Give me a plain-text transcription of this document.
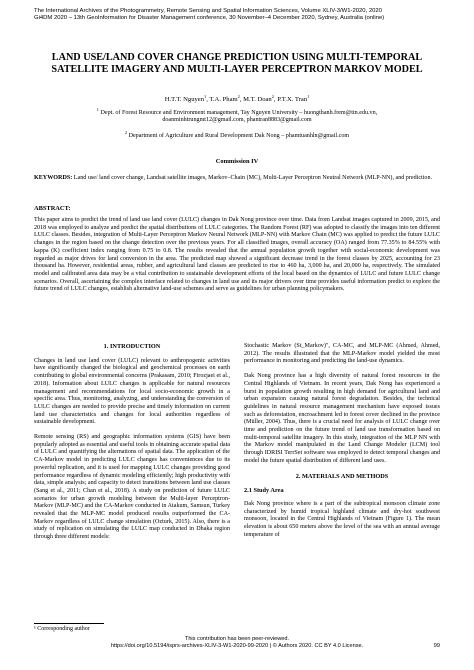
The International Archives of the Photogrammetry, Remote Sensing and Spatial Information Sciences, Volume XLIV-3/W1-2020, 2020
Gi4DM 2020 – 13th GeoInformation for Disaster Management conference, 30 November–4 December 2020, Sydney, Australia (online)
LAND USE/LAND COVER CHANGE PREDICTION USING MULTI-TEMPORAL SATELLITE IMAGERY AND MULTI-LAYER PERCEPTRON MARKOV MODEL
H.T.T. Nguyen$^1$, T.A. Pham$^2$, M.T. Doan$^2$, P.T.X. Tran$^1$
$^1$ Dept. of Forest Resource and Environment management, Tay Nguyen University – huongthanh.frem@ttn.edu.vn,
doanminhtrungmt12@gmail.com, phantran8883@gmail.com
$^2$ Department of Agriculture and Rural Development Dak Nong – phamtuanhln@gmail.com
Commission IV
KEYWORDS: Land use/ land cover change, Landsat satellite images, Markov–Chain (MC), Multi-Layer Perceptron Neutral Network (MLP-NN), and prediction.
ABSTRACT:
This paper aims to predict the trend of land use land cover (LULC) changes in Dak Nong province over time. Data from Landsat images captured in 2009, 2015, and 2018 was employed to analyze and predict the spatial distributions of LULC categories. The Random Forest (RF) was adopted to classify the images into ten different LULC classes. Besides, integration of Multi-Layer Perceptron Markov Neural Network (MLP-NN) with Markov Chain (MC) was applied to predict the future LULC changes in the region based on the change detection over the previous years. For all classified images, overall accuracy (OA) ranged from 77.35% to 84.55% with kappa (K) coefficient index ranging from 0.75 to 0.8. The results revealed that the annual population growth together with social-economic development was regarded as major drives for land conversion in the area. The predicted map showed a significant decrease trend in the forest classes by 2025, accounting for 23 thousand ha. However, residential areas, rubber, and agricultural land classes are predicted to rise to 460 ha, 3,000 ha, and 20,000 ha, respectively. The simulated model and calibrated area data may be a vital contribution to sustainable development efforts of the local based on the dynamics of LULC and future LULC change scenarios. Overall, ascertaining the complex interface related to changes in land use and its major drivers over time provides useful information predict to explore the future trend of LULC changes, establish alternative land-use schemes and serve as guidelines for urban planning policymakers.
1. INTRODUCTION

Changes in land use land cover (LULC) relevant to anthropogenic activities have significantly changed the biological and geochemical processes on earth contributing to global environmental concerns (Prakasam, 2010; Firozjaei et al., 2018). Information about LULC changes is applicable for natural resources management and recommendations for local socio-economic growth in a specific area. Thus, monitoring, analyzing, and understanding the conversion of LULC changes are needed to provide precise and timely information on current land use characteristics and changes for local authorities regardless of sustainable development.

Remote sensing (RS) and geographic information systems (GIS) have been popularly adopted as essential and useful tools in obtaining accurate spatial data of LULC and quantifying the alternations of spatial data. The application of the CA-Markov model in predicting LULC changes has conveniences due to its powerful replication, and it is used for mapping LULC changes providing good performance regardless of dynamic modeling efficiently; high productivity with data, simple analysis; and capacity to detect transitions between land use classes (Sang et al., 2011; Chan et al., 2018). A study on prediction of future LULC scenarios for urban growth modeling between the Multi-layer Perceptron-Markov (MLP-MC) and the CA-Markov conducted in Atakum, Samsun, Turkey revealed that the MLP-MC model produced results outperformed the CA-Markov regardless of LULC change simulation (Ozturk, 2015). Also, there is a study of replication on simulating the LULC map conducted in Dhaka region through three different models:

Stochastic Markov (St_Markov)", CA-MC, and MLP-MC (Ahmed, Ahmed, 2012). The results illustrated that the MLP-Markov model yielded the most performance in monitoring and predicting the land-use dynamics.

Dak Nong province has a high diversity of natural forest resources in the Central Highlands of Vietnam. In recent years, Dak Nong has experienced a burst in population growth resulting in high demand for agricultural land and urban expansion causing natural forest degradation. Besides, the technical guidelines in natural resource management mechanism have exposed issues such as deforestation, encroachment led to forest cover declined in the province (Müller, 2004). Thus, there is a crucial need for analysis of LULC change over time and prediction on the future trend of land use transformation based on multi-temporal satellite imagery. In this study, integration of the MLP NN with the Markov model manipulated in the Land Change Modeler (LCM) tool through IDRISI TerrSet software was employed to detect temporal changes and model the future spatial distribution of different land uses.

2. MATERIALS AND METHODS
2.1 Study Area

Dak Nong province where is a part of the subtropical monsoon climate zone characterized by humid tropical highland climate and dry-hot southwest monsoon, located in the Central Highlands of Vietnam (Figure 1). The mean elevation is about 650 meters above the level of the sea with an annual average temperature of

¹ Corresponding author
This contribution has been peer-reviewed.
https://doi.org/10.5194/isprs-archives-XLIV-3-W1-2020-99-2020 | © Authors 2020. CC BY 4.0 License.	99
